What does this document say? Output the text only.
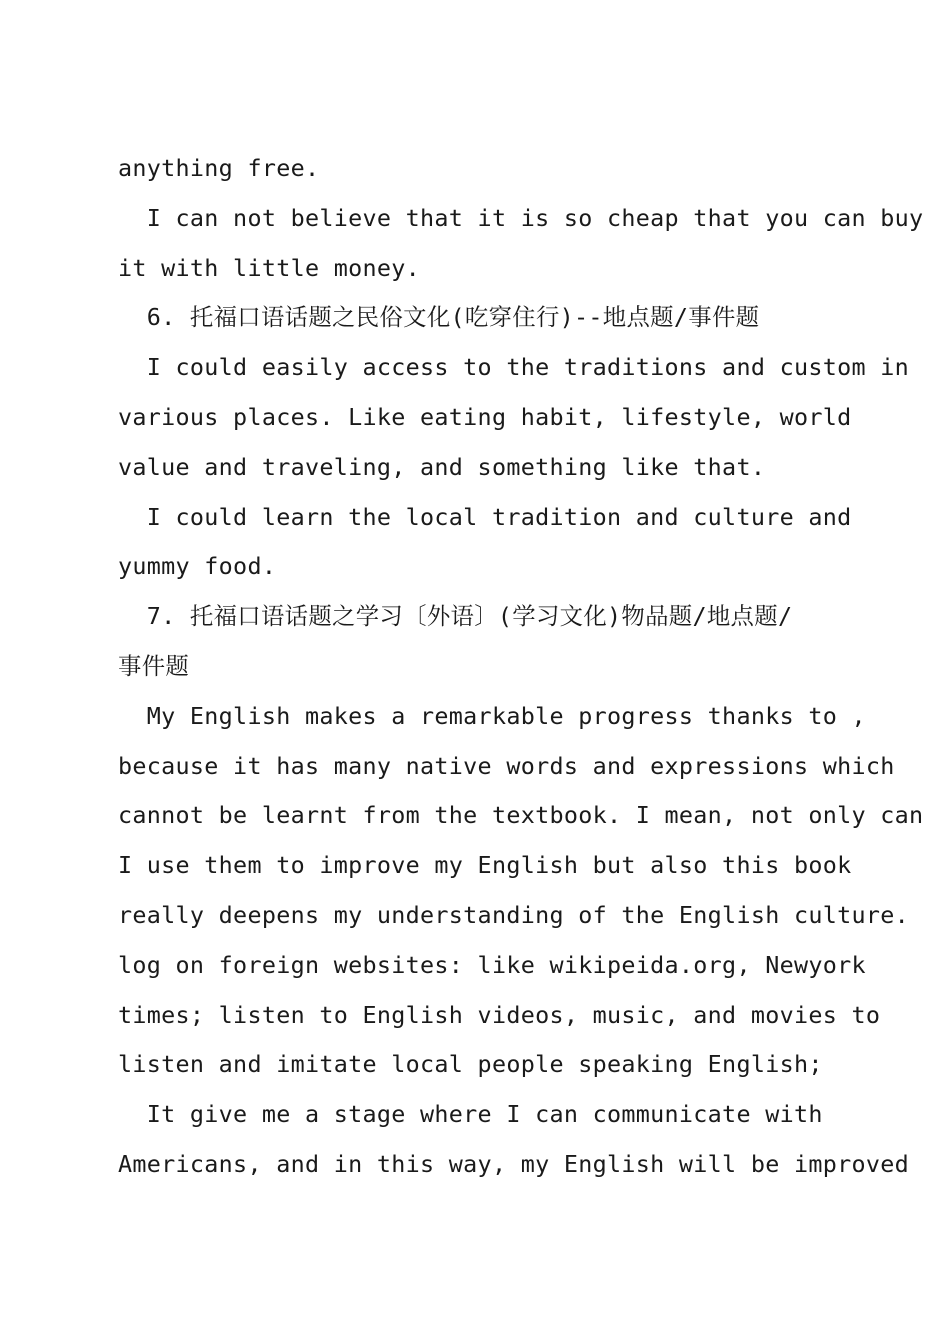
anything free.

I can not believe that it is so cheap that you can buy

it with little money.

6. 托福口语话题之民俗文化(吃穿住行)--地点题/事件题

I could easily access to the traditions and custom in

various places. Like eating habit, lifestyle, world

value and traveling, and something like that.

I could learn the local tradition and culture and

yummy food.

7. 托福口语话题之学习〔外语〕(学习文化)物品题/地点题/

事件题

My English makes a remarkable progress thanks to ,

because it has many native words and expressions which

cannot be learnt from the textbook. I mean, not only can

I use them to improve my English but also this book

really deepens my understanding of the English culture.

log on foreign websites: like wikipeida.org, Newyork

times; listen to English videos, music, and movies to

listen and imitate local people speaking English;

It give me a stage where I can communicate with

Americans, and in this way, my English will be improved
